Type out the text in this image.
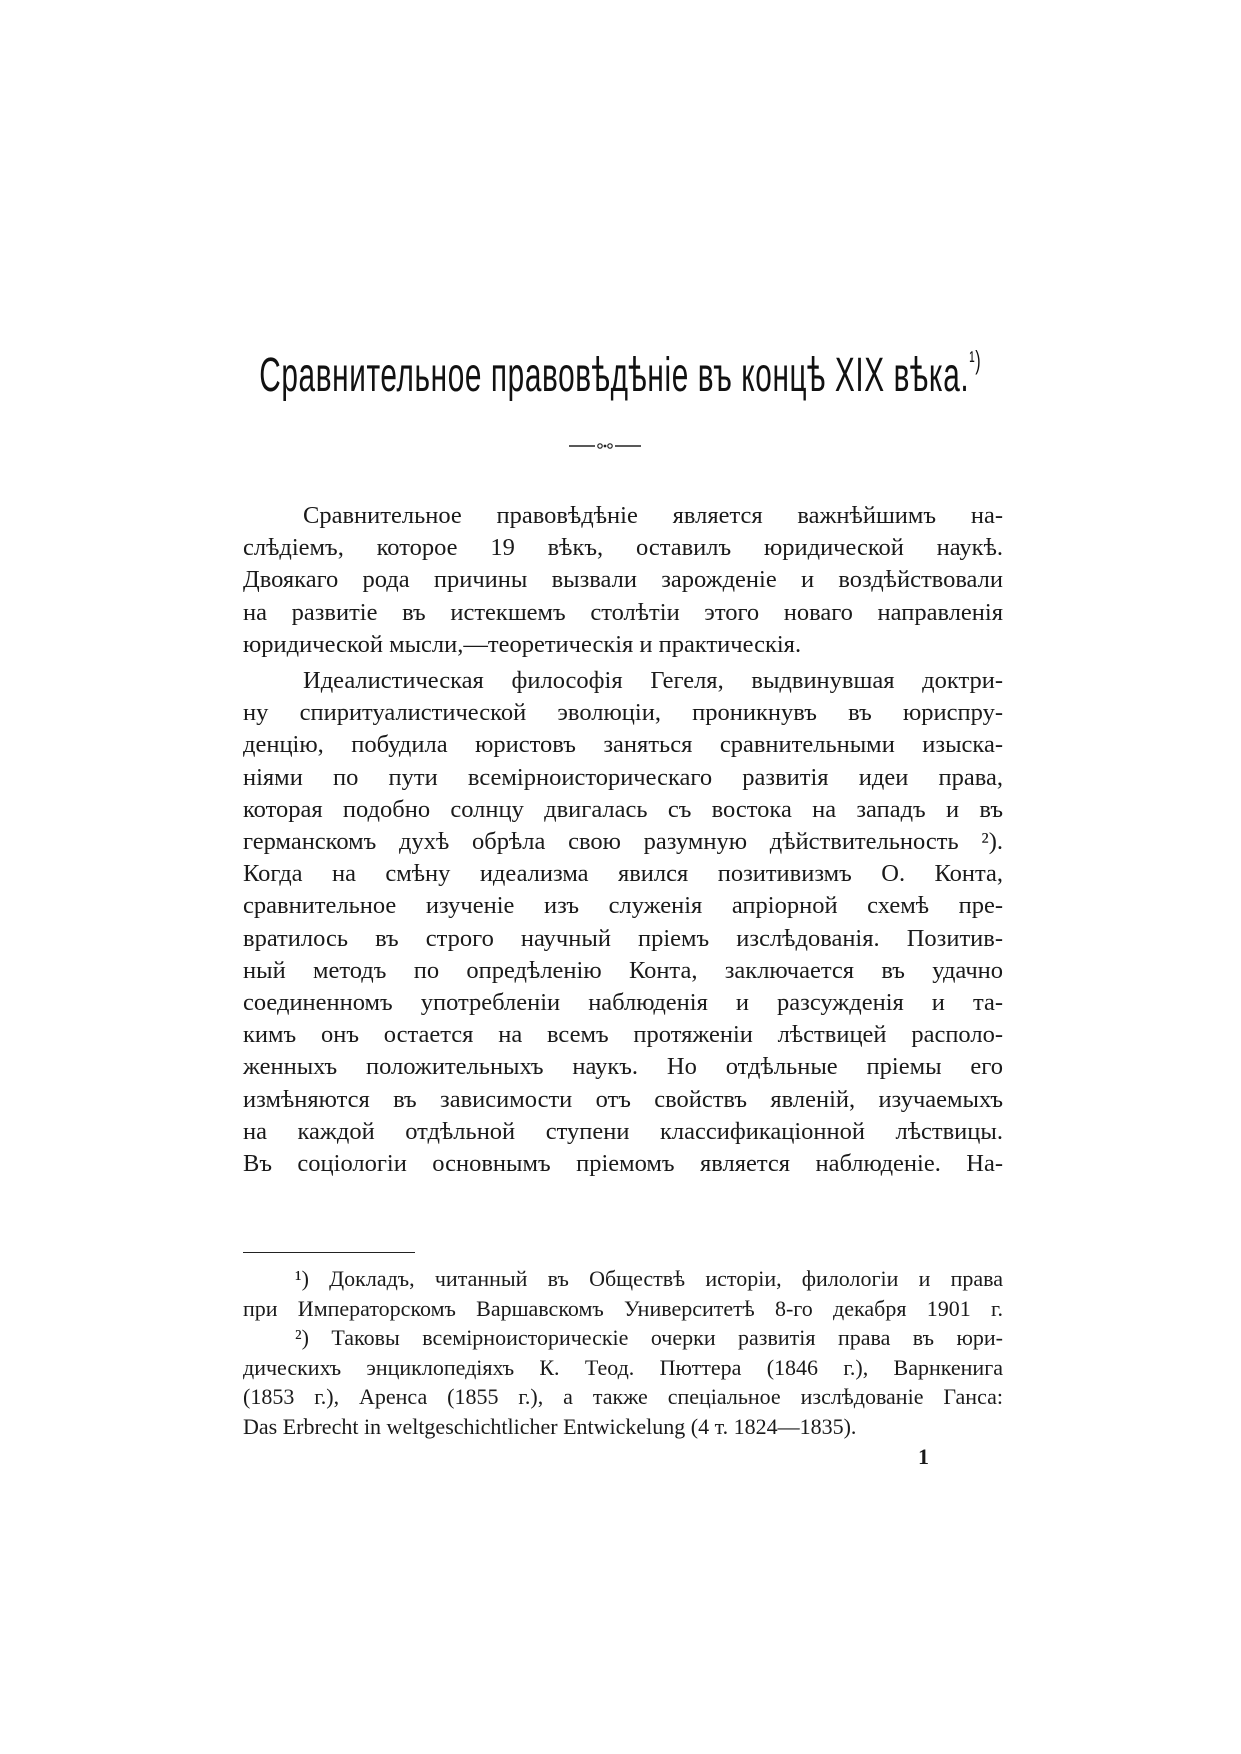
Сравнительное правовѣдѣніе въ концѣ XIX вѣка.$^{^1)}$

Сравнительное правовѣдѣніе является важнѣйшимъ на-
слѣдіемъ, которое 19 вѣкъ, оставилъ юридической наукѣ.
Двоякаго рода причины вызвали зарожденіе и воздѣйствовали
на развитіе въ истекшемъ столѣтіи этого новаго направленія
юридической мысли,—теоретическія и практическія.

Идеалистическая философія Гегеля, выдвинувшая доктри-
ну спиритуалистической эволюціи, проникнувъ въ юриспру-
денцію, побудила юристовъ заняться сравнительными изыска-
ніями по пути всемірноисторическаго развитія идеи права,
которая подобно солнцу двигалась съ востока на западъ и въ
германскомъ духѣ обрѣла свою разумную дѣйствительность ²).
Когда на смѣну идеализма явился позитивизмъ О. Конта,
сравнительное изученіе изъ служенія апріорной схемѣ пре-
вратилось въ строго научный пріемъ изслѣдованія. Позитив-
ный методъ по опредѣленію Конта, заключается въ удачно
соединенномъ употребленіи наблюденія и разсужденія и та-
кимъ онъ остается на всемъ протяженіи лѣствицей располо-
женныхъ положительныхъ наукъ. Но отдѣльные пріемы его
измѣняются въ зависимости отъ свойствъ явленій, изучаемыхъ
на каждой отдѣльной ступени классификаціонной лѣствицы.
Въ соціологіи основнымъ пріемомъ является наблюденіе. На-

¹) Докладъ, читанный въ Обществѣ исторіи, филологіи и права
при Императорскомъ Варшавскомъ Университетѣ 8-го декабря 1901 г.
²) Таковы всемірноисторическіе очерки развитія права въ юри-
дическихъ энциклопедіяхъ К. Теод. Пюттера (1846 г.), Варнкенига
(1853 г.), Аренса (1855 г.), а также спеціальное изслѣдованіе Ганса:
Das Erbrecht in weltgeschichtlicher Entwickelung (4 т. 1824—1835).
1
